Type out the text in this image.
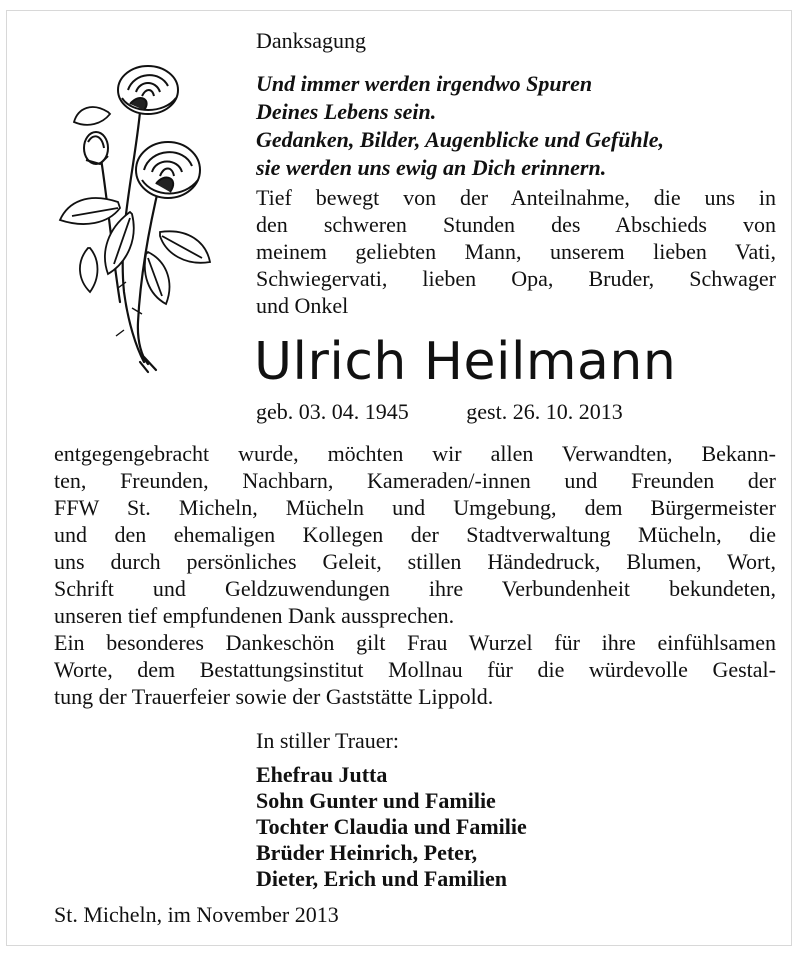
Danksagung
Und immer werden irgendwo Spuren
Deines Lebens sein.
Gedanken, Bilder, Augenblicke und Gefühle,
sie werden uns ewig an Dich erinnern.
Tief bewegt von der Anteilnahme, die uns in
den schweren Stunden des Abschieds von
meinem geliebten Mann, unserem lieben Vati,
Schwiegervati, lieben Opa, Bruder, Schwager
und Onkel
Ulrich Heilmann
geb. 03. 04. 1945	gest. 26. 10. 2013
entgegengebracht wurde, möchten wir allen Verwandten, Bekann-
ten, Freunden, Nachbarn, Kameraden/-innen und Freunden der
FFW St. Micheln, Mücheln und Umgebung, dem Bürgermeister
und den ehemaligen Kollegen der Stadtverwaltung Mücheln, die
uns durch persönliches Geleit, stillen Händedruck, Blumen, Wort,
Schrift und Geldzuwendungen ihre Verbundenheit bekundeten,
unseren tief empfundenen Dank aussprechen.
Ein besonderes Dankeschön gilt Frau Wurzel für ihre einfühlsamen
Worte, dem Bestattungsinstitut Mollnau für die würdevolle Gestal-
tung der Trauerfeier sowie der Gaststätte Lippold.
In stiller Trauer:
Ehefrau Jutta
Sohn Gunter und Familie
Tochter Claudia und Familie
Brüder Heinrich, Peter,
Dieter, Erich und Familien
St. Micheln, im November 2013
